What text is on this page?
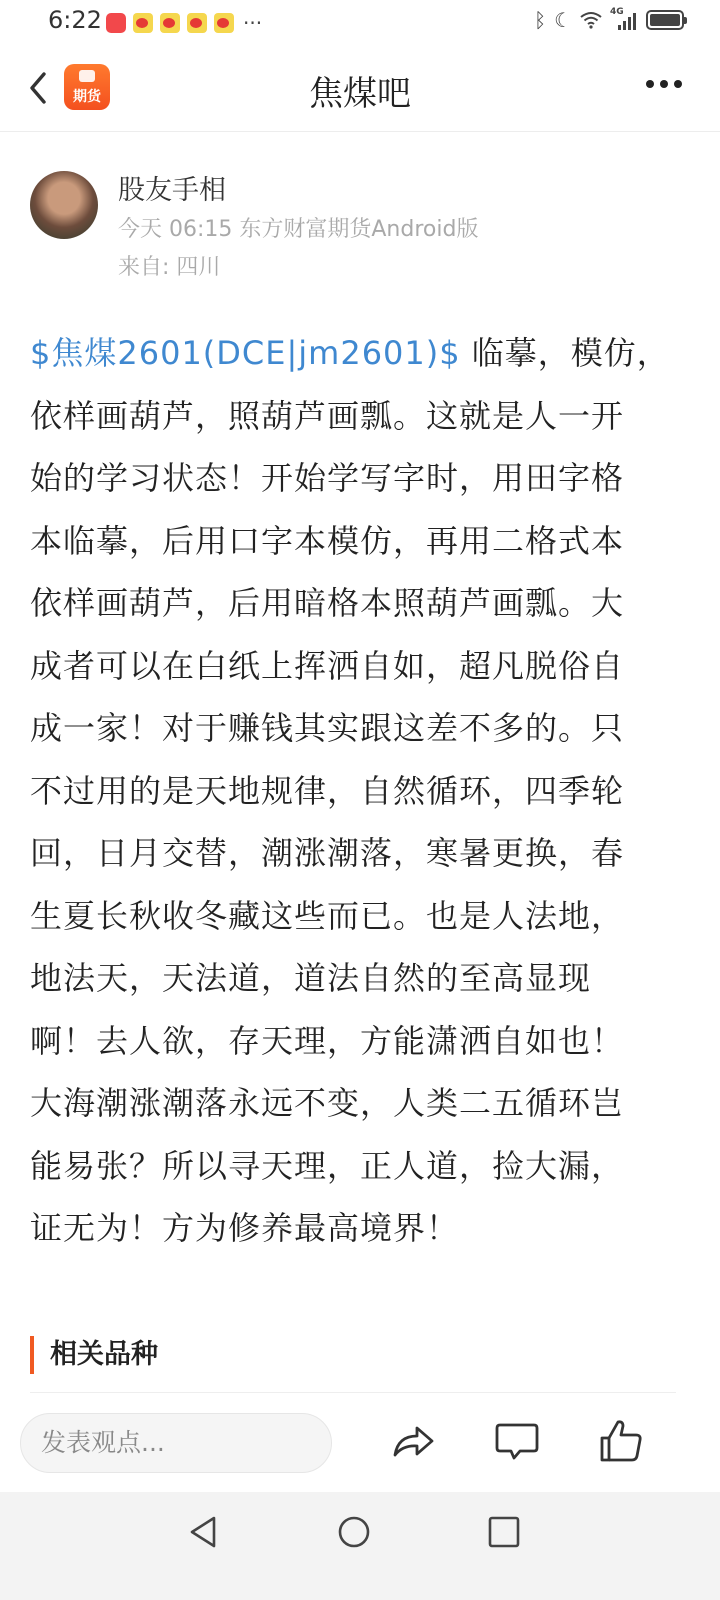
6:22	···	ᛒ ☾	4G
期货	焦煤吧
股友手相
今天 06:15 东方财富期货Android版
来自: 四川
$焦煤2601(DCE|jm2601)$ 临摹，模仿，
依样画葫芦，照葫芦画瓢。这就是人一开
始的学习状态！开始学写字时，用田字格
本临摹，后用口字本模仿，再用二格式本
依样画葫芦，后用暗格本照葫芦画瓢。大
成者可以在白纸上挥洒自如，超凡脱俗自
成一家！对于赚钱其实跟这差不多的。只
不过用的是天地规律，自然循环，四季轮
回，日月交替，潮涨潮落，寒暑更换，春
生夏长秋收冬藏这些而已。也是人法地，
地法天，天法道，道法自然的至高显现
啊！去人欲，存天理，方能潇洒自如也！
大海潮涨潮落永远不变，人类二五循环岂
能易张？所以寻天理，正人道，捡大漏，
证无为！方为修养最高境界！
相关品种
发表观点...
